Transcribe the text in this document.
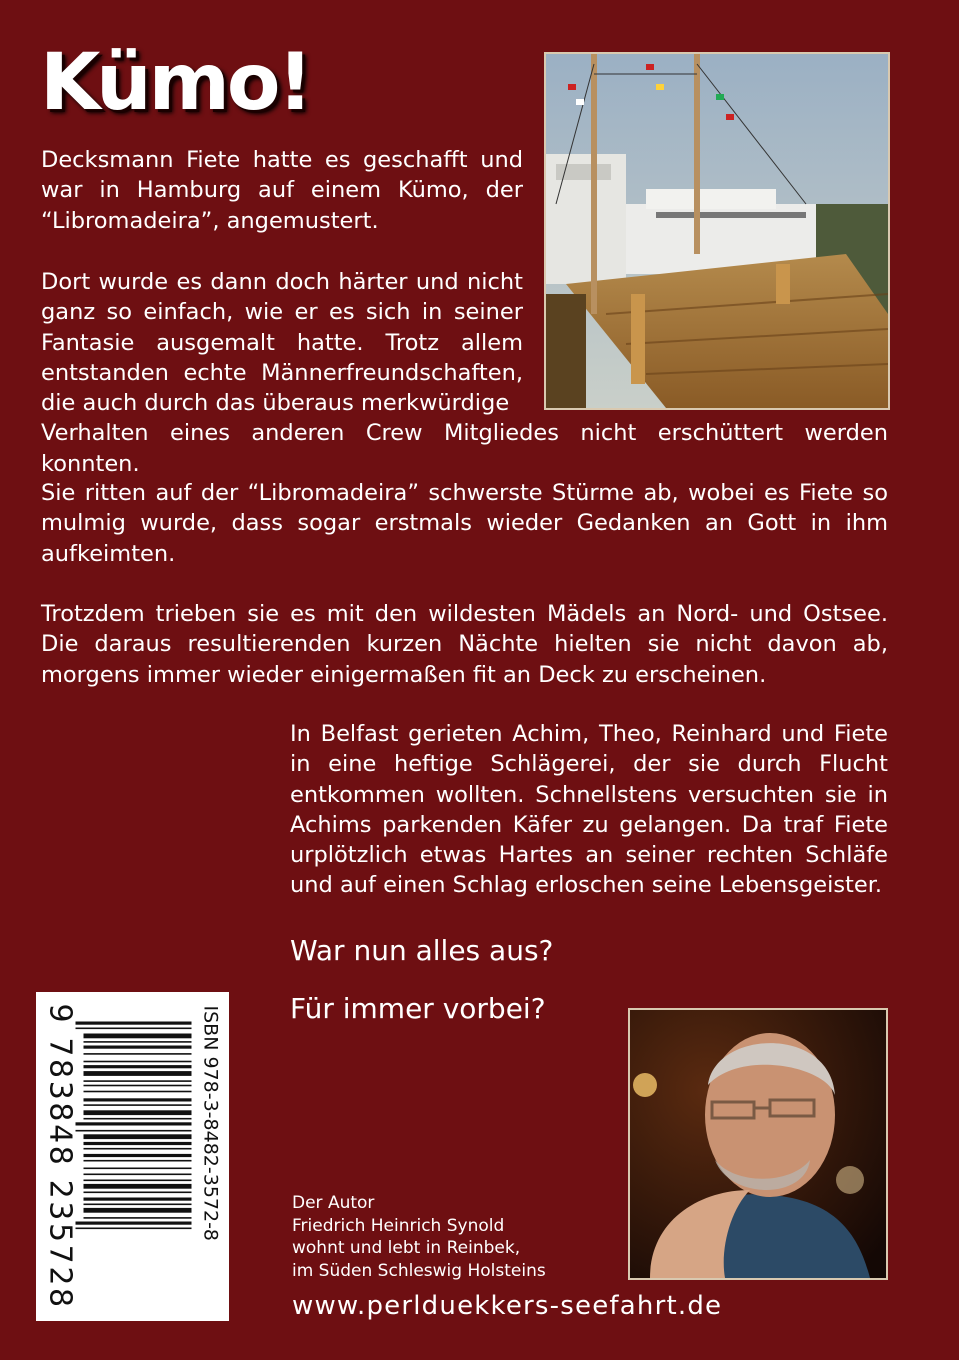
Kümo!

Decksmann Fiete hatte es geschafft und war in Hamburg auf einem Kümo, der “Libromadeira”, angemustert.

Dort wurde es dann doch härter und nicht ganz so einfach, wie er es sich in seiner Fantasie ausgemalt hatte. Trotz allem entstanden echte Männerfreundschaften, die auch durch das überaus merkwürdige
Verhalten eines anderen Crew Mitgliedes nicht erschüttert werden konnten.

Sie ritten auf der “Libromadeira” schwerste Stürme ab, wobei es Fiete so mulmig wurde, dass sogar erstmals wieder Gedanken an Gott in ihm aufkeimten.

Trotzdem trieben sie es mit den wildesten Mädels an Nord- und Ostsee. Die daraus resultierenden kurzen Nächte hielten sie nicht davon ab, morgens immer wieder einigermaßen fit an Deck zu erscheinen.

In Belfast gerieten Achim, Theo, Reinhard und Fiete in eine heftige Schlägerei, der sie durch Flucht entkommen wollten. Schnellstens versuchten sie in Achims parkenden Käfer zu gelangen. Da traf Fiete urplötzlich etwas Hartes an seiner rechten Schläfe und auf einen Schlag erloschen seine Lebensgeister.

War nun alles aus?
Für immer vorbei?
Der Autor
Friedrich Heinrich Synold
wohnt und lebt in Reinbek,
im Süden Schleswig Holsteins
www.perlduekkers-seefahrt.de
ISBN 978-3-8482-3572-8
9 783848 235728
